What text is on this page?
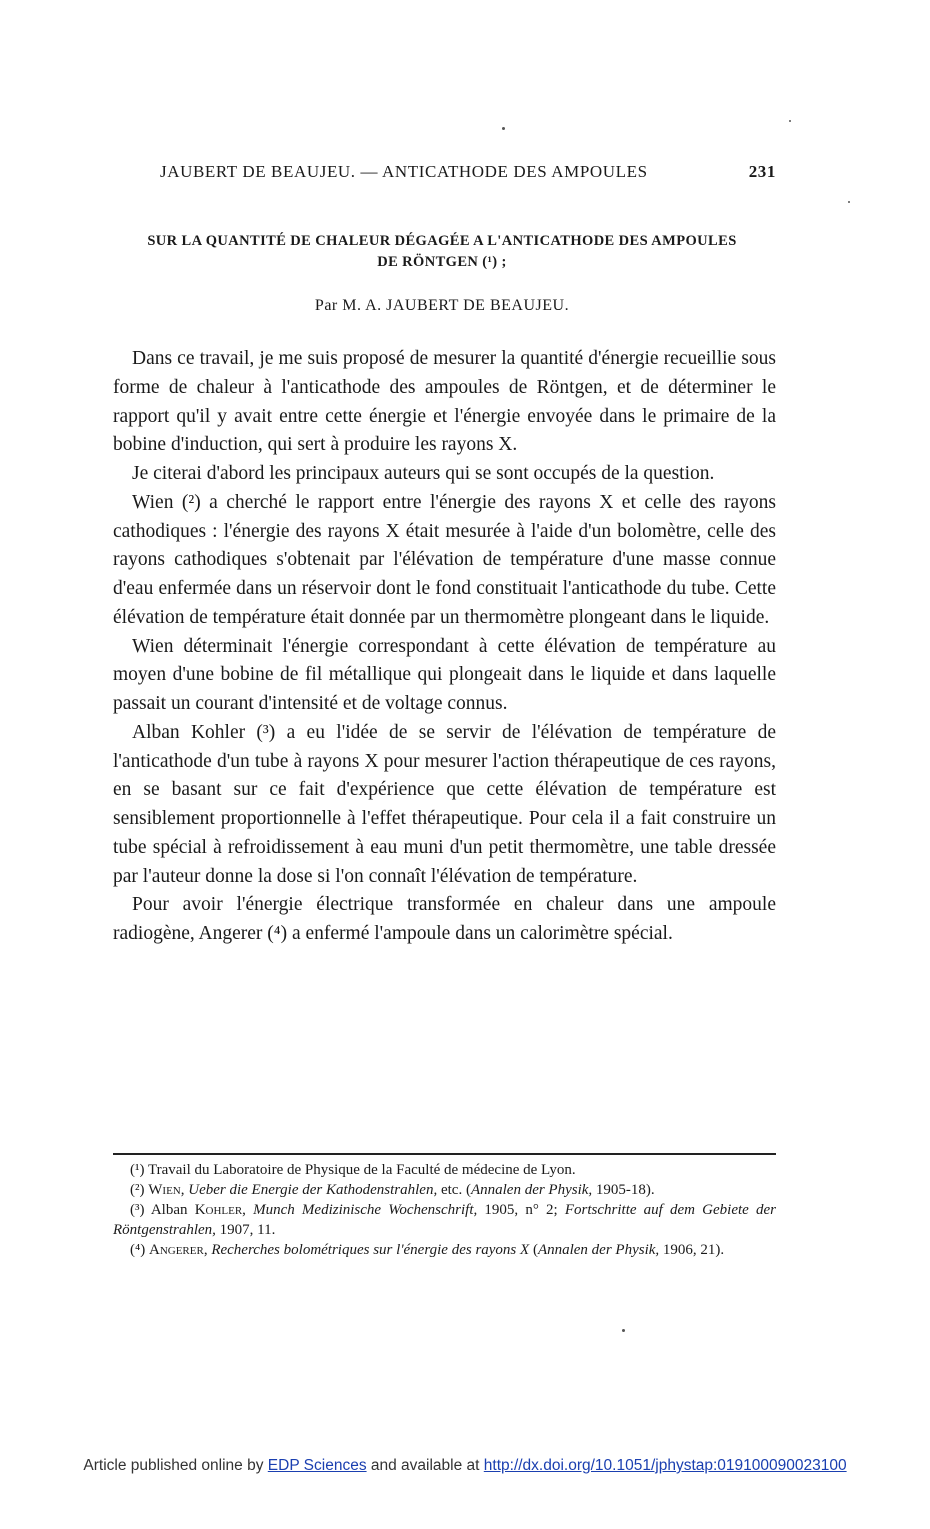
JAUBERT DE BEAUJEU. — ANTICATHODE DES AMPOULES	231
SUR LA QUANTITÉ DE CHALEUR DÉGAGÉE A L'ANTICATHODE DES AMPOULES
DE RÖNTGEN (¹) ;
Par M. A. JAUBERT DE BEAUJEU.

Dans ce travail, je me suis proposé de mesurer la quantité d'énergie recueillie sous forme de chaleur à l'anticathode des ampoules de Röntgen, et de déterminer le rapport qu'il y avait entre cette énergie et l'énergie envoyée dans le primaire de la bobine d'induction, qui sert à produire les rayons X.

Je citerai d'abord les principaux auteurs qui se sont occupés de la question.

Wien (²) a cherché le rapport entre l'énergie des rayons X et celle des rayons cathodiques : l'énergie des rayons X était mesurée à l'aide d'un bolomètre, celle des rayons cathodiques s'obtenait par l'élévation de température d'une masse connue d'eau enfermée dans un réservoir dont le fond constituait l'anticathode du tube. Cette élévation de température était donnée par un thermomètre plongeant dans le liquide.

Wien déterminait l'énergie correspondant à cette élévation de température au moyen d'une bobine de fil métallique qui plongeait dans le liquide et dans laquelle passait un courant d'intensité et de voltage connus.

Alban Kohler (³) a eu l'idée de se servir de l'élévation de température de l'anticathode d'un tube à rayons X pour mesurer l'action thérapeutique de ces rayons, en se basant sur ce fait d'expérience que cette élévation de température est sensiblement proportionnelle à l'effet thérapeutique. Pour cela il a fait construire un tube spécial à refroidissement à eau muni d'un petit thermomètre, une table dressée par l'auteur donne la dose si l'on connaît l'élévation de température.

Pour avoir l'énergie électrique transformée en chaleur dans une ampoule radiogène, Angerer (⁴) a enfermé l'ampoule dans un calorimètre spécial.

(¹) Travail du Laboratoire de Physique de la Faculté de médecine de Lyon.

(²) Wien, Ueber die Energie der Kathodenstrahlen, etc. (Annalen der Physik, 1905-18).

(³) Alban Kohler, Munch Medizinische Wochenschrift, 1905, n° 2; Fortschritte auf dem Gebiete der Röntgenstrahlen, 1907, 11.

(⁴) Angerer, Recherches bolométriques sur l'énergie des rayons X (Annalen der Physik, 1906, 21).

Article published online by EDP Sciences and available at http://dx.doi.org/10.1051/jphystap:019100090023100
